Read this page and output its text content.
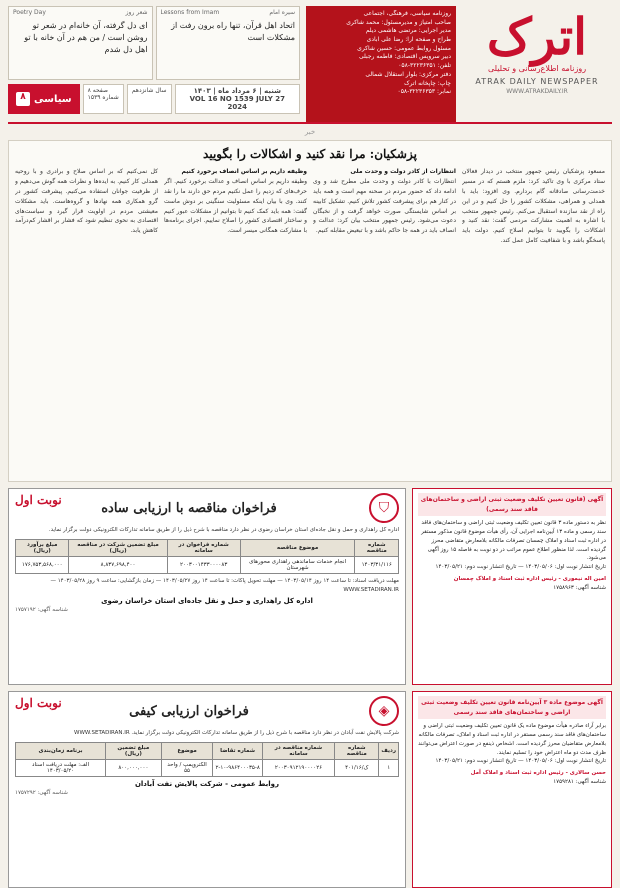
اترک
روزنامه اطلاع‌رسانی و تحلیلی
ATRAK DAILY NEWSPAPER
WWW.ATRAKDAILY.IR
روزنامه سیاسی، فرهنگی، اجتماعی
صاحب امتیاز و مدیرمسئول: محمد شاکری
مدیر اجرایی: مرتضی هاشمی دیلم
طراح و صفحه آرا: رضا علی آبادی
مسئول روابط عمومی: حسین شاکری
دبیر سرویس اقتصادی: فاطمه رجبلی
تلفن: ۳۲۲۳۶۳۵۱-۰۵۸
دفتر مرکزی: بلوار استقلال شمالی
چاپ: چاپخانه اترک
نمابر: ۳۲۲۳۶۳۵۳-۰۵۸
Poetry Day	شعر روز
ای دل گرفته، آن خانه‌ام در شعر تو روشن است / من هم در آن خانه با تو اهل دل شدم
Lessons from Imam	سیره امام
اتحاد اهل قرآن، تنها راه برون رفت از مشکلات است
۸ سیاسی
۸ صفحه
شماره ۱۵۳۹
سال شانزدهم	شنبه | ۶ مرداد ماه | ۱۴۰۳
VOL 16 NO 1539 JULY 27 2024
خبر
پزشکیان: مرا نقد کنید و اشکالات را بگویید
مسعود پزشکیان رئیس جمهور منتخب در دیدار فعالان ستاد مرکزی با وی تاکید کرد: ملزم هستم که در مسیر خدمت‌رسانی صادقانه گام بردارم. وی افزود: باید با همدلی و همراهی، مشکلات کشور را حل کنیم و در این راه از نقد سازنده استقبال می‌کنم. رئیس جمهور منتخب با اشاره به اهمیت مشارکت مردمی گفت: نقد کنید و اشکالات را بگویید تا بتوانیم اصلاح کنیم. دولت باید پاسخگو باشد و با شفافیت کامل عمل کند.
انتظارات از کادر دولت و وحدت ملی
انتظارات با کادر دولت و وحدت ملی مطرح شد و وی ادامه داد که حضور مردم در صحنه مهم است و همه باید در کنار هم برای پیشرفت کشور تلاش کنیم. تشکیل کابینه بر اساس شایستگی صورت خواهد گرفت و از نخبگان دعوت می‌شود. رئیس جمهور منتخب بیان کرد: عدالت و انصاف باید در همه جا حاکم باشد و با تبعیض مقابله کنیم.
وظیفه داریم بر اساس انصاف برخورد کنیم
وظیفه داریم بر اساس انصاف و عدالت برخورد کنیم. اگر حرف‌های که زدیم را عمل نکنیم مردم حق دارند ما را نقد کنند. وی با بیان اینکه مسئولیت سنگینی بر دوش ماست گفت: همه باید کمک کنیم تا بتوانیم از مشکلات عبور کنیم و ساختار اقتصادی کشور را اصلاح نماییم. اجرای برنامه‌ها با مشارکت همگانی میسر است.
کل نمی‌کنیم که بر اساس صلاح و برادری و با روحیه همدلی کار کنیم. به ایده‌ها و نظرات همه گوش می‌دهیم و از ظرفیت جوانان استفاده می‌کنیم. پیشرفت کشور در گرو همکاری همه نهادها و گروه‌هاست. باید مشکلات معیشتی مردم در اولویت قرار گیرد و سیاست‌های اقتصادی به نحوی تنظیم شود که فشار بر اقشار کم‌درآمد کاهش یابد.
آگهی (قانون تعیین تکلیف وضعیت ثبتی اراضی و ساختمان‌های فاقد سند رسمی)
نظر به دستور ماده ۳ قانون تعیین تکلیف وضعیت ثبتی اراضی و ساختمان‌های فاقد سند رسمی و ماده ۱۳ آیین‌نامه اجرایی آن، رأی هیأت موضوع قانون مذکور مستقر در اداره ثبت اسناد و املاک چمسان تصرفات مالکانه بلامعارض متقاضی محرز گردیده است. لذا منظور اطلاع عموم مراتب در دو نوبت به فاصله ۱۵ روز آگهی می‌شود.
تاریخ انتشار نوبت اول: ۱۴۰۳/۰۵/۰۶ — تاریخ انتشار نوبت دوم: ۱۴۰۳/۰۵/۲۱
امین اله نیموری - رئیس اداره ثبت اسناد و املاک چمسان
شناسه آگهی: ۱۷۵۸۹۶۳
آگهی موضوع ماده ۳ آیین‌نامه قانون تعیین تکلیف وضعیت ثبتی اراضی و ساختمان‌های فاقد سند رسمی
برابر آراء صادره هیأت موضوع ماده یک قانون تعیین تکلیف وضعیت ثبتی اراضی و ساختمان‌های فاقد سند رسمی مستقر در اداره ثبت اسناد و املاک، تصرفات مالکانه بلامعارض متقاضیان محرز گردیده است. اشخاص ذینفع در صورت اعتراض می‌توانند ظرف مدت دو ماه اعتراض خود را تسلیم نمایند.
تاریخ انتشار نوبت اول: ۱۴۰۳/۰۵/۰۶ — تاریخ انتشار نوبت دوم: ۱۴۰۳/۰۵/۲۱
حسن سالاری - رئیس اداره ثبت اسناد و املاک آمل
شناسه آگهی: ۱۷۵۹۲۸۱
نوبت اول	⛉
فراخوان مناقصه با ارزیابی ساده
اداره کل راهداری و حمل و نقل جاده‌ای استان خراسان رضوی در نظر دارد مناقصه با شرح ذیل را از طریق سامانه تدارکات الکترونیکی دولت برگزار نماید.
شماره مناقصه	موضوع مناقصه	شماره فراخوان در سامانه	مبلغ تضمین شرکت در مناقصه (ریال)	مبلغ برآورد (ریال)
۱۴۰۳/۳۱/۱۱۶	انجام خدمات ساماندهی راهداری محورهای شهرستان	۲۰۰۳۰۰۱۴۳۳۰۰۰۰۸۳	۸,۸۳۷,۶۹۸,۴۰۰	۱۷۶,۷۵۳,۵۶۸,۰۰۰
مهلت دریافت اسناد: تا ساعت ۱۴ روز ۱۴۰۳/۰۵/۱۴ — مهلت تحویل پاکات: تا ساعت ۱۴ روز ۱۴۰۳/۰۵/۲۷ — زمان بازگشایی: ساعت ۹ روز ۱۴۰۳/۰۵/۲۸ — WWW.SETADIRAN.IR
اداره کل راهداری و حمل و نقل جاده‌ای استان خراسان رضوی
شناسه آگهی: ۱۷۵۷۱۹۲
نوبت اول	◈
فراخوان ارزیابی کیفی
شرکت پالایش نفت آبادان در نظر دارد مناقصه با شرح ذیل را از طریق سامانه تدارکات الکترونیکی دولت برگزار نماید. WWW.SETADIRAN.IR
ردیف	شماره مناقصه	شماره مناقصه در سامانه	شماره تقاضا	موضوع	مبلغ تضمین (ریال)	برنامه زمان‌بندی
۱	ک/۴۰۱/۱۶	۲۰۰۳۰۹۱۲۱۹۰۰۰۰۲۶	۲-۱۰-۹۸۶۴۰۰۰۳۵-۸	الکتروپمپ / واحد ۵۵	۸۰۰,۰۰۰,۰۰۰	الف: مهلت دریافت اسناد ۱۴۰۳/۰۵/۲۰
روابط عمومی - شرکت پالایش نفت آبادان
شناسه آگهی: ۱۷۵۷۲۹۲
